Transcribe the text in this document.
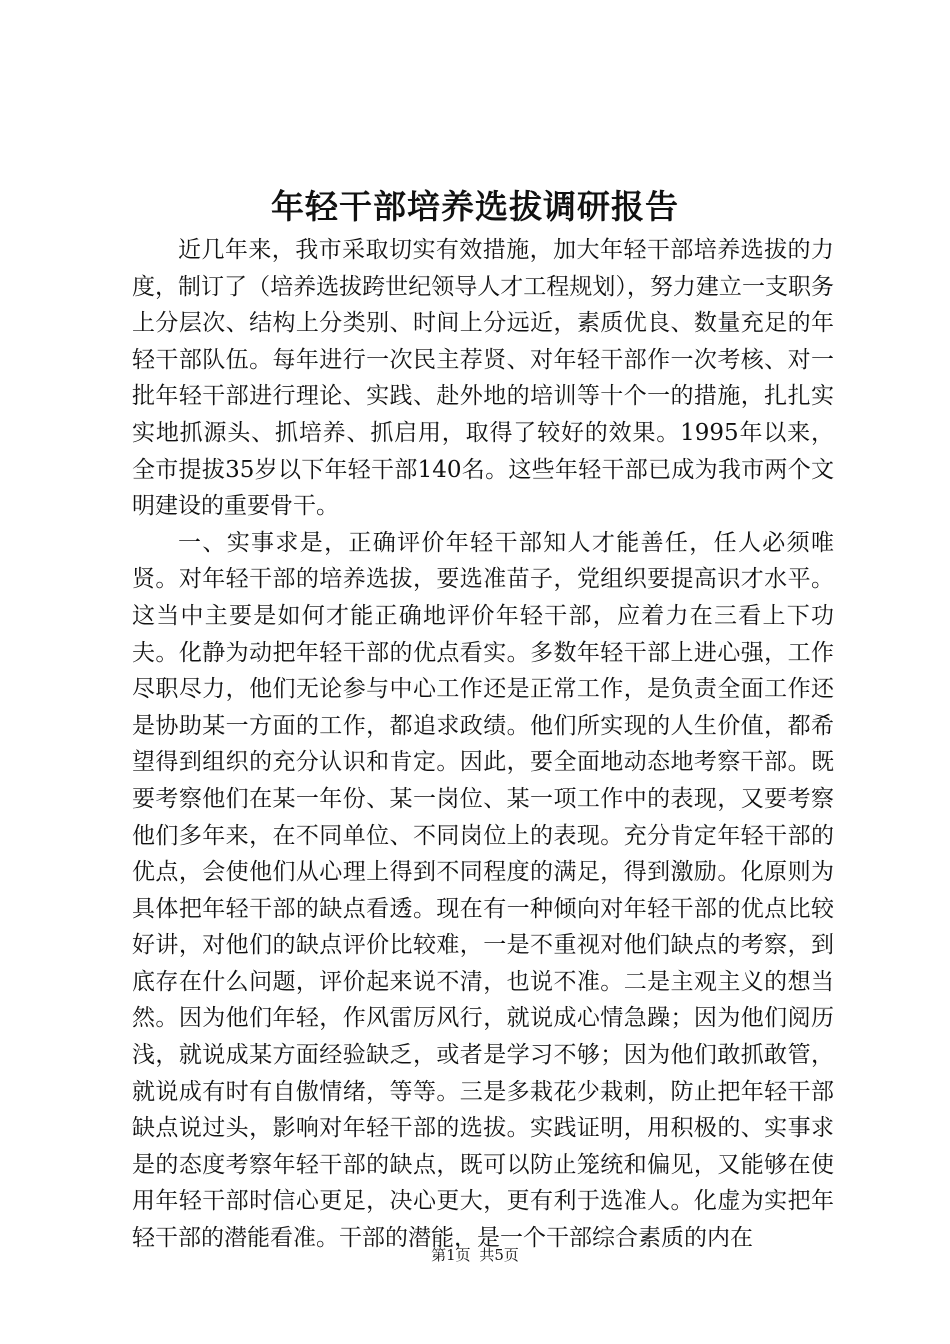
年轻干部培养选拔调研报告

近几年来，我市采取切实有效措施，加大年轻干部培养选拔的力度，制订了（培养选拔跨世纪领导人才工程规划），努力建立一支职务上分层次、结构上分类别、时间上分远近，素质优良、数量充足的年轻干部队伍。每年进行一次民主荐贤、对年轻干部作一次考核、对一批年轻干部进行理论、实践、赴外地的培训等十个一的措施，扎扎实实地抓源头、抓培养、抓启用，取得了较好的效果。1995年以来，全市提拔35岁以下年轻干部140名。这些年轻干部已成为我市两个文明建设的重要骨干。

一、实事求是，正确评价年轻干部知人才能善任，任人必须唯贤。对年轻干部的培养选拔，要选准苗子，党组织要提高识才水平。这当中主要是如何才能正确地评价年轻干部，应着力在三看上下功夫。化静为动把年轻干部的优点看实。多数年轻干部上进心强，工作尽职尽力，他们无论参与中心工作还是正常工作，是负责全面工作还是协助某一方面的工作，都追求政绩。他们所实现的人生价值，都希望得到组织的充分认识和肯定。因此，要全面地动态地考察干部。既要考察他们在某一年份、某一岗位、某一项工作中的表现，又要考察他们多年来，在不同单位、不同岗位上的表现。充分肯定年轻干部的优点，会使他们从心理上得到不同程度的满足，得到激励。化原则为具体把年轻干部的缺点看透。现在有一种倾向对年轻干部的优点比较好讲，对他们的缺点评价比较难，一是不重视对他们缺点的考察，到底存在什么问题，评价起来说不清，也说不准。二是主观主义的想当然。因为他们年轻，作风雷厉风行，就说成心情急躁；因为他们阅历浅，就说成某方面经验缺乏，或者是学习不够；因为他们敢抓敢管，就说成有时有自傲情绪，等等。三是多栽花少栽刺，防止把年轻干部缺点说过头，影响对年轻干部的选拔。实践证明，用积极的、实事求是的态度考察年轻干部的缺点，既可以防止笼统和偏见，又能够在使用年轻干部时信心更足，决心更大，更有利于选准人。化虚为实把年轻干部的潜能看准。干部的潜能，是一个干部综合素质的内在

第1页 共5页
